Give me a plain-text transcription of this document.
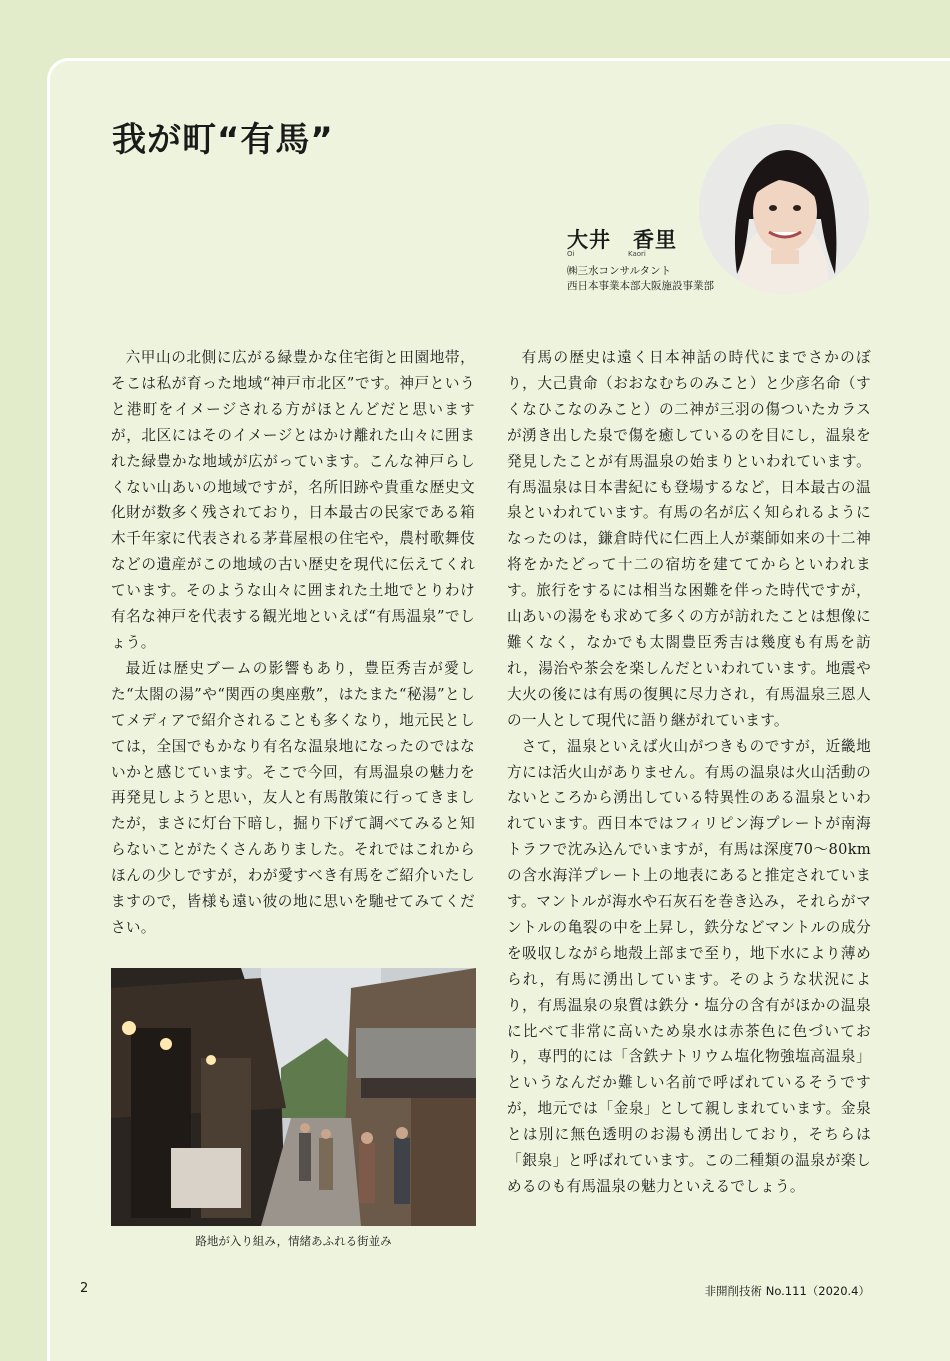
我が町“有馬”
大井　香里
Oi	Kaori
㈱三水コンサルタント
西日本事業本部大阪施設事業部

六甲山の北側に広がる緑豊かな住宅街と田園地帯，そこは私が育った地域“神戸市北区”です。神戸というと港町をイメージされる方がほとんどだと思いますが，北区にはそのイメージとはかけ離れた山々に囲まれた緑豊かな地域が広がっています。こんな神戸らしくない山あいの地域ですが，名所旧跡や貴重な歴史文化財が数多く残されており，日本最古の民家である箱木千年家に代表される茅葺屋根の住宅や，農村歌舞伎などの遺産がこの地域の古い歴史を現代に伝えてくれています。そのような山々に囲まれた土地でとりわけ有名な神戸を代表する観光地といえば“有馬温泉”でしょう。

最近は歴史ブームの影響もあり，豊臣秀吉が愛した“太閤の湯”や“関西の奥座敷”，はたまた“秘湯”としてメディアで紹介されることも多くなり，地元民としては，全国でもかなり有名な温泉地になったのではないかと感じています。そこで今回，有馬温泉の魅力を再発見しようと思い，友人と有馬散策に行ってきましたが，まさに灯台下暗し，掘り下げて調べてみると知らないことがたくさんありました。それではこれからほんの少しですが，わが愛すべき有馬をご紹介いたしますので，皆様も遠い彼の地に思いを馳せてみてください。

有馬の歴史は遠く日本神話の時代にまでさかのぼり，大己貴命（おおなむちのみこと）と少彦名命（すくなひこなのみこと）の二神が三羽の傷ついたカラスが湧き出した泉で傷を癒しているのを目にし，温泉を発見したことが有馬温泉の始まりといわれています。有馬温泉は日本書紀にも登場するなど，日本最古の温泉といわれています。有馬の名が広く知られるようになったのは，鎌倉時代に仁西上人が薬師如来の十二神将をかたどって十二の宿坊を建ててからといわれます。旅行をするには相当な困難を伴った時代ですが，山あいの湯をも求めて多くの方が訪れたことは想像に難くなく，なかでも太閤豊臣秀吉は幾度も有馬を訪れ，湯治や茶会を楽しんだといわれています。地震や大火の後には有馬の復興に尽力され，有馬温泉三恩人の一人として現代に語り継がれています。

さて，温泉といえば火山がつきものですが，近畿地方には活火山がありません。有馬の温泉は火山活動のないところから湧出している特異性のある温泉といわれています。西日本ではフィリピン海プレートが南海トラフで沈み込んでいますが，有馬は深度70～80kmの含水海洋プレート上の地表にあると推定されています。マントルが海水や石灰石を巻き込み，それらがマントルの亀裂の中を上昇し，鉄分などマントルの成分を吸収しながら地殻上部まで至り，地下水により薄められ，有馬に湧出しています。そのような状況により，有馬温泉の泉質は鉄分・塩分の含有がほかの温泉に比べて非常に高いため泉水は赤茶色に色づいており，専門的には「含鉄ナトリウム塩化物強塩高温泉」というなんだか難しい名前で呼ばれているそうですが，地元では「金泉」として親しまれています。金泉とは別に無色透明のお湯も湧出しており，そちらは「銀泉」と呼ばれています。この二種類の温泉が楽しめるのも有馬温泉の魅力といえるでしょう。

路地が入り組み，情緒あふれる街並み
2	非開削技術 No.111（2020.4）
